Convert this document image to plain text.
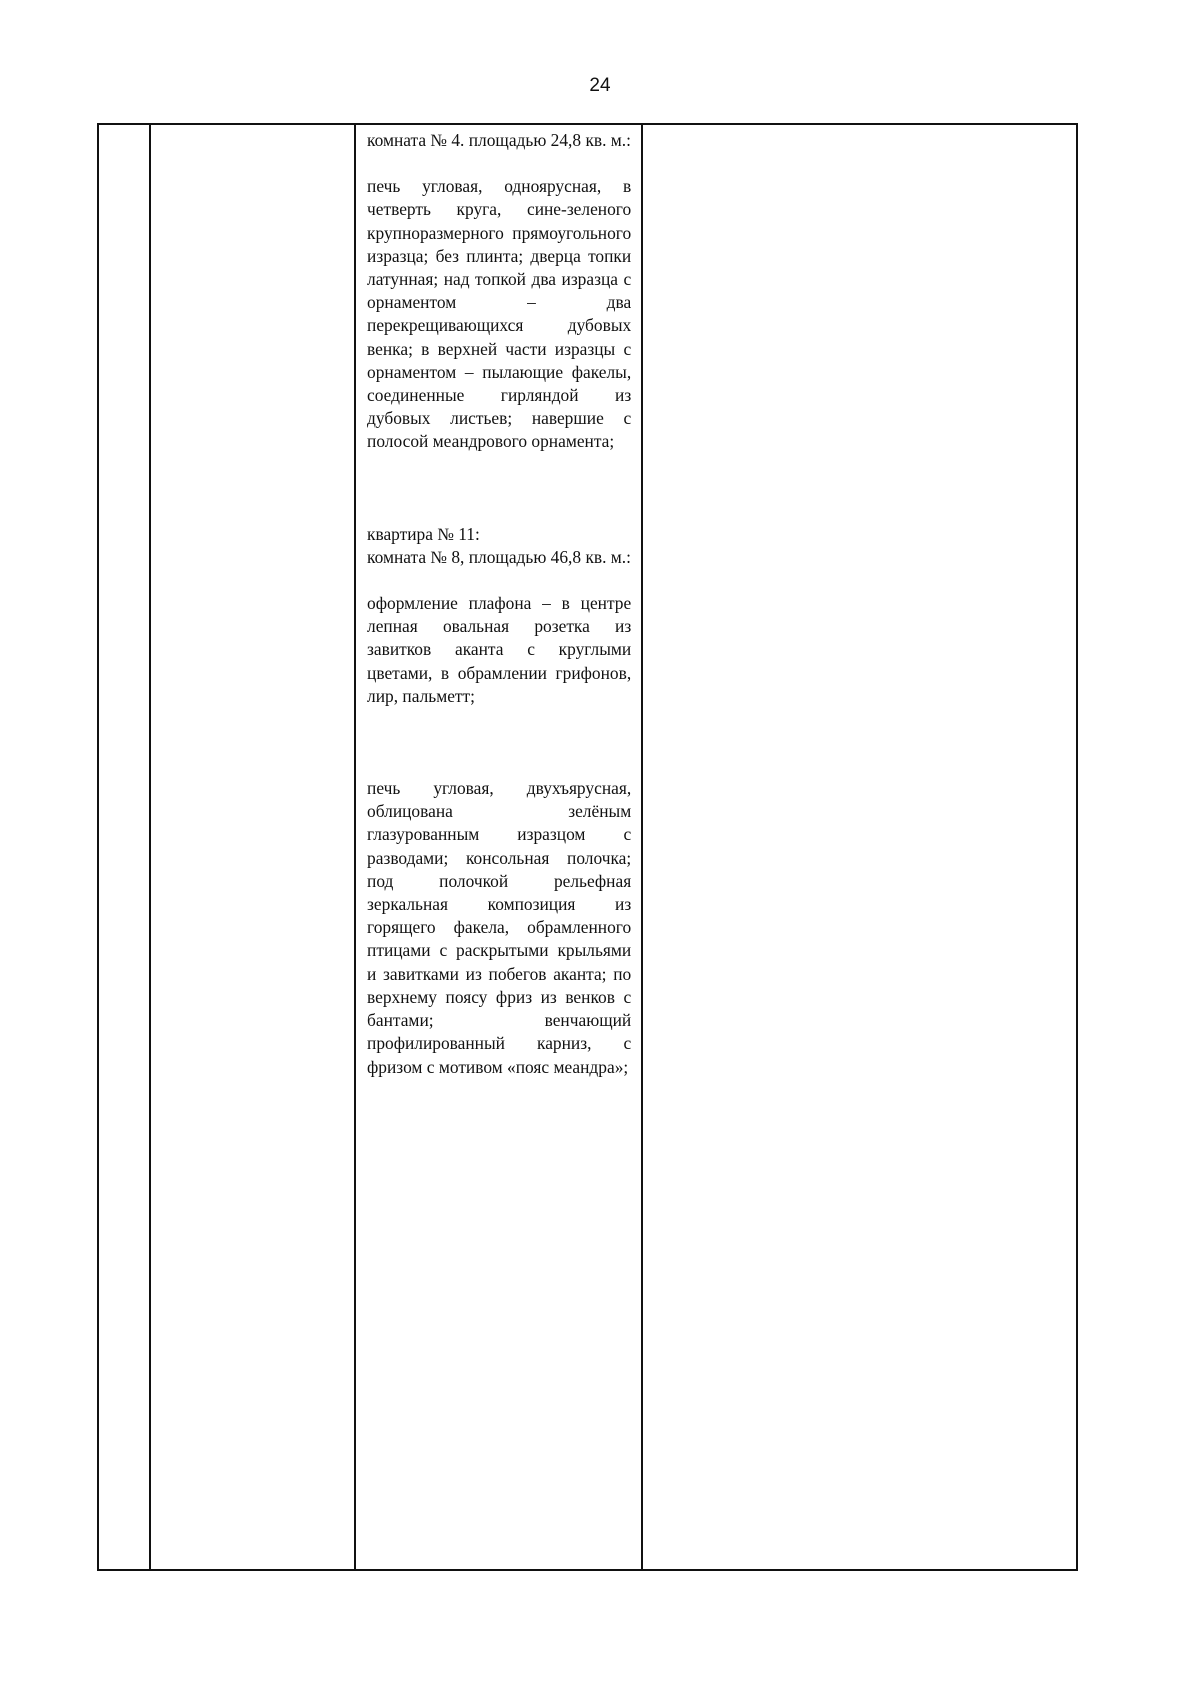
24

комната № 4. площадью 24,8 кв. м.:

печь угловая, одноярусная, в четверть круга, сине-зеленого крупноразмерного прямоугольного изразца; без плинта; дверца топки латунная; над топкой два изразца с орнаментом – два перекрещивающихся дубовых венка; в верхней части изразцы с орнаментом – пылающие факелы, соединенные гирляндой из дубовых листьев; навершие с полосой меандрового орнамента;

квартира № 11:

комната № 8, площадью 46,8 кв. м.:

оформление плафона – в центре лепная овальная розетка из завитков аканта с круглыми цветами, в обрамлении грифонов, лир, пальметт;

печь угловая, двухъярусная, облицована зелёным глазурованным изразцом с разводами; консольная полочка; под полочкой рельефная зеркальная композиция из горящего факела, обрамленного птицами с раскрытыми крыльями и завитками из побегов аканта; по верхнему поясу фриз из венков с бантами; венчающий профилированный карниз, с фризом с мотивом «пояс меандра»;
